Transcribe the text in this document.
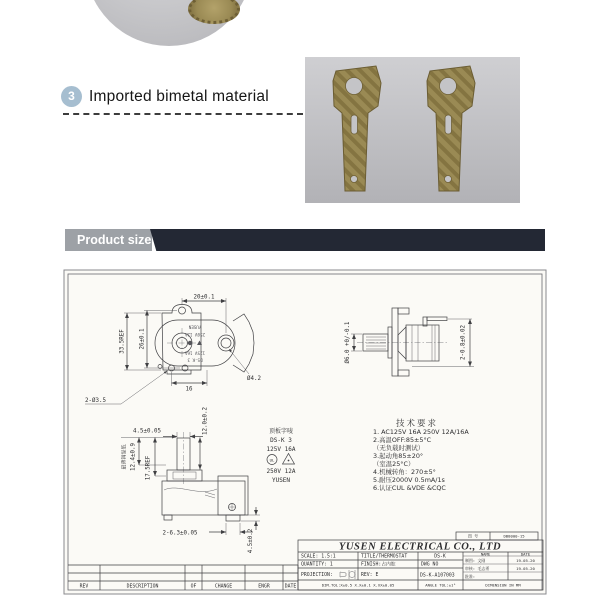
3 Imported bimetal material
Product size
YUSEN
250V 12A
125V 16A
DS-K 3
20±0.1
33.5REF 26±0.1
16
2-Ø3.5
Ø4.2
Ø6.0 +0/-0.1	2-0.8±0.02
4.5±0.05	12.0±0.2
最薄调温低 12.4±0.9 17.5REF
2-6.3±0.05	4.5±0.2
顶板字唛
DS-K 3
125V 16A
UL
250V 12A
YUSEN
技术要求
1. AC125V 16A 250V 12A/16A
2.高温OFF:85±5°C
（无负载时测试）
3.起动角85±20°
（室温25°C）
4.机械转角：270±5°
5.耐压2000V 0.5mA/1s
6.认证CUL &VDE &CQC
图 号	DB8000-15
YUSEN ELECTRICAL CO., LTD
SCALE: 1.5:1	TITLE/THERMOSTAT	DS-K
NAME	DATE
制图: 文刚	19-05-20
审核: 毛志勇	19-05-20
批准:
QUANTITY: 1	FINISH:占内腔	DWG NO
PROJECTION:	REV: E	DS-K-A107003
DIM.TOL:X±0.5 X.X±0.1 X.XX±0.05	ANGLE TOL:±1°	DIMENSION IN MM
REV	DESCRIPTION	OF	CHANGE	ENGR	DATE
